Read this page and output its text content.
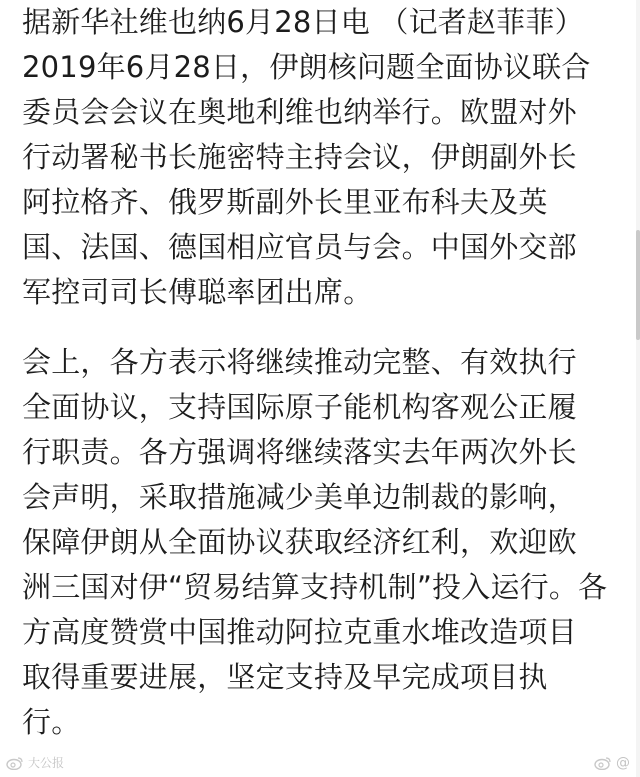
据新华社维也纳6月28日电 （记者赵菲菲）
2019年6月28日，伊朗核问题全面协议联合
委员会会议在奥地利维也纳举行。欧盟对外
行动署秘书长施密特主持会议，伊朗副外长
阿拉格齐、俄罗斯副外长里亚布科夫及英
国、法国、德国相应官员与会。中国外交部
军控司司长傅聪率团出席。

会上，各方表示将继续推动完整、有效执行
全面协议，支持国际原子能机构客观公正履
行职责。各方强调将继续落实去年两次外长
会声明，采取措施减少美单边制裁的影响，
保障伊朗从全面协议获取经济红利，欢迎欧
洲三国对伊“贸易结算支持机制”投入运行。各
方高度赞赏中国推动阿拉克重水堆改造项目
取得重要进展，坚定支持及早完成项目执
行。

大公报	@
